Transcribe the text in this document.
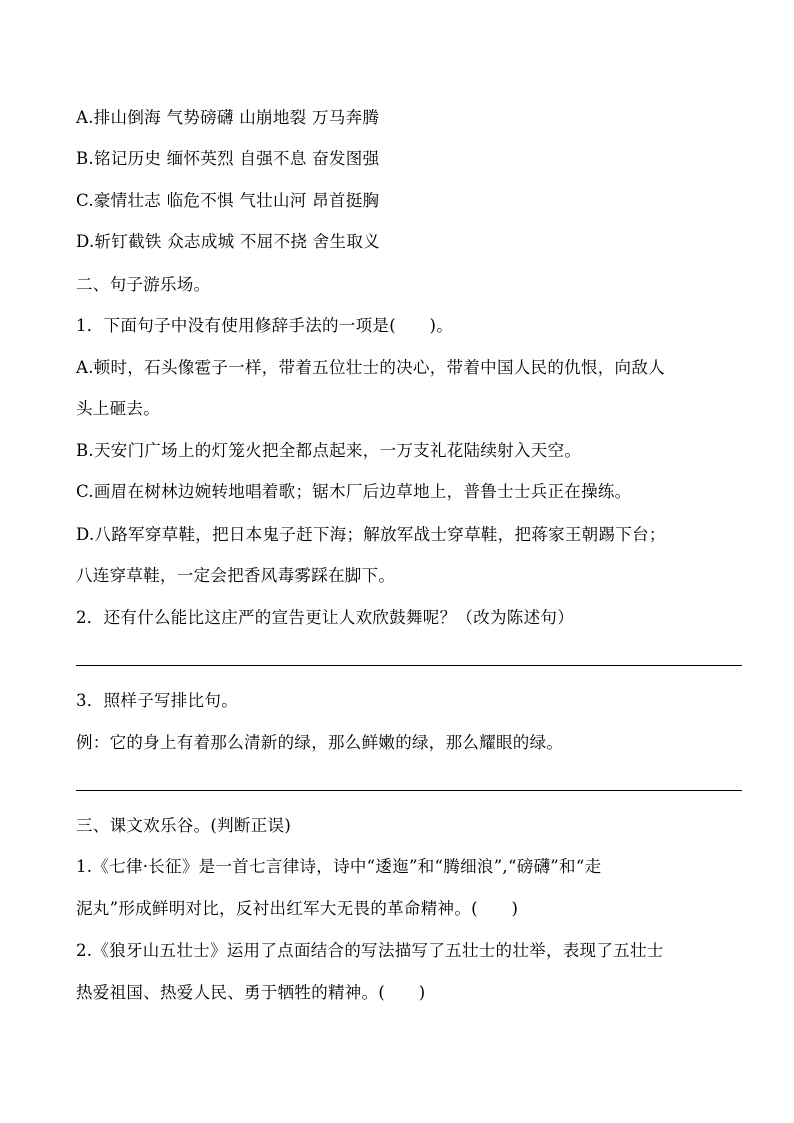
A.排山倒海 气势磅礴 山崩地裂 万马奔腾
B.铭记历史 缅怀英烈 自强不息 奋发图强
C.豪情壮志 临危不惧 气壮山河 昂首挺胸
D.斩钉截铁 众志成城 不屈不挠 舍生取义
二、句子游乐场。
1．下面句子中没有使用修辞手法的一项是(　　)。
A.顿时，石头像雹子一样，带着五位壮士的决心，带着中国人民的仇恨，向敌人
头上砸去。
B.天安门广场上的灯笼火把全都点起来，一万支礼花陆续射入天空。
C.画眉在树林边婉转地唱着歌；锯木厂后边草地上，普鲁士士兵正在操练。
D.八路军穿草鞋，把日本鬼子赶下海；解放军战士穿草鞋，把蒋家王朝踢下台；
八连穿草鞋，一定会把香风毒雾踩在脚下。
2．还有什么能比这庄严的宣告更让人欢欣鼓舞呢？（改为陈述句）
3．照样子写排比句。
例：它的身上有着那么清新的绿，那么鲜嫩的绿，那么耀眼的绿。
三、课文欢乐谷。(判断正误)
1.《七律·长征》是一首七言律诗，诗中“逶迤”和“腾细浪”,“磅礴”和“走
泥丸”形成鲜明对比，反衬出红军大无畏的革命精神。(　　)
2.《狼牙山五壮士》运用了点面结合的写法描写了五壮士的壮举，表现了五壮士
热爱祖国、热爱人民、勇于牺牲的精神。(　　)
